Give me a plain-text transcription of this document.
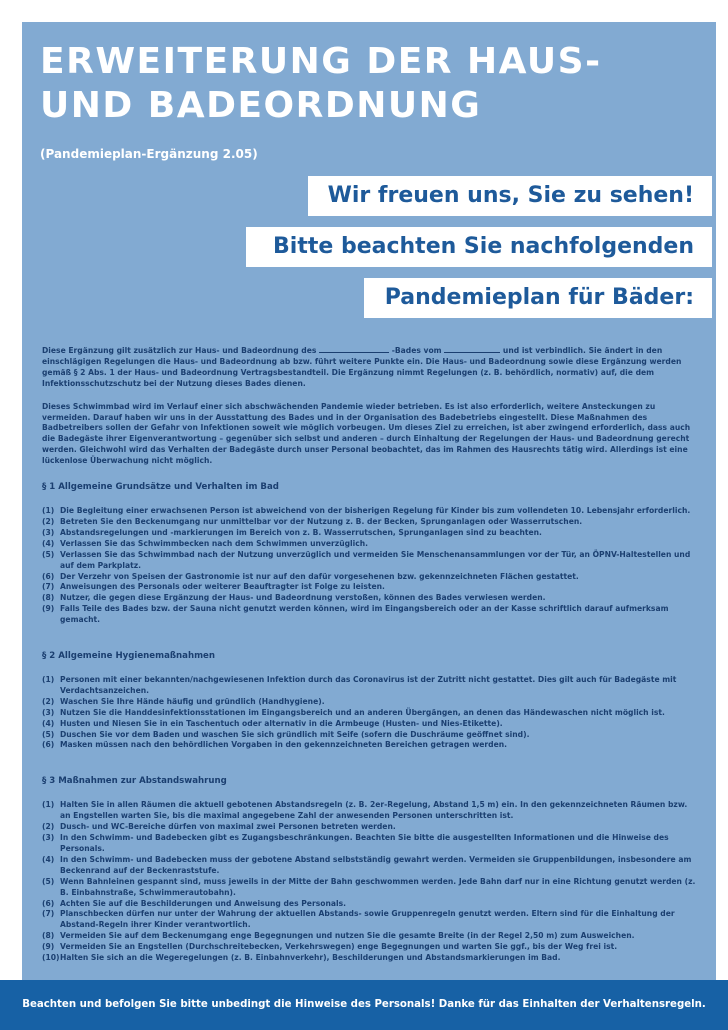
ERWEITERUNG DER HAUS- UND BADEORDNUNG
(Pandemieplan-Ergänzung 2.05)
Wir freuen uns, Sie zu sehen!
Bitte beachten Sie nachfolgenden
Pandemieplan für Bäder:

Diese Ergänzung gilt zusätzlich zur Haus- und Badeordnung des	-Bades vom	und ist verbindlich. Sie ändert in den einschlägigen Regelungen die Haus- und Badeordnung ab bzw. führt weitere Punkte ein. Die Haus- und Badeordnung sowie diese Ergänzung werden gemäß § 2 Abs. 1 der Haus- und Badeordnung Vertragsbestandteil. Die Ergänzung nimmt Regelungen (z. B. behördlich, normativ) auf, die dem Infektionsschutzschutz bei der Nutzung dieses Bades dienen.

Dieses Schwimmbad wird im Verlauf einer sich abschwächenden Pandemie wieder betrieben. Es ist also erforderlich, weitere Ansteckungen zu vermeiden. Darauf haben wir uns in der Ausstattung des Bades und in der Organisation des Badebetriebs eingestellt. Diese Maßnahmen des Badbetreibers sollen der Gefahr von Infektionen soweit wie möglich vorbeugen. Um dieses Ziel zu erreichen, ist aber zwingend erforderlich, dass auch die Badegäste ihrer Eigenverantwortung – gegenüber sich selbst und anderen – durch Einhaltung der Regelungen der Haus- und Badeordnung gerecht werden. Gleichwohl wird das Verhalten der Badegäste durch unser Personal beobachtet, das im Rahmen des Hausrechts tätig wird. Allerdings ist eine lückenlose Überwachung nicht möglich.

§ 1 Allgemeine Grundsätze und Verhalten im Bad
(1) Die Begleitung einer erwachsenen Person ist abweichend von der bisherigen Regelung für Kinder bis zum vollendeten 10. Lebensjahr erforderlich.
(2) Betreten Sie den Beckenumgang nur unmittelbar vor der Nutzung z. B. der Becken, Sprunganlagen oder Wasserrutschen.
(3) Abstandsregelungen und -markierungen im Bereich von z. B. Wasserrutschen, Sprunganlagen sind zu beachten.
(4) Verlassen Sie das Schwimmbecken nach dem Schwimmen unverzüglich.
(5) Verlassen Sie das Schwimmbad nach der Nutzung unverzüglich und vermeiden Sie Menschenansammlungen vor der Tür, an ÖPNV-Haltestellen und auf dem Parkplatz.
(6) Der Verzehr von Speisen der Gastronomie ist nur auf den dafür vorgesehenen bzw. gekennzeichneten Flächen gestattet.
(7) Anweisungen des Personals oder weiterer Beauftragter ist Folge zu leisten.
(8) Nutzer, die gegen diese Ergänzung der Haus- und Badeordnung verstoßen, können des Bades verwiesen werden.
(9) Falls Teile des Bades bzw. der Sauna nicht genutzt werden können, wird im Eingangsbereich oder an der Kasse schriftlich darauf aufmerksam gemacht.
§ 2 Allgemeine Hygienemaßnahmen
(1) Personen mit einer bekannten/nachgewiesenen Infektion durch das Coronavirus ist der Zutritt nicht gestattet. Dies gilt auch für Badegäste mit Verdachtsanzeichen.
(2) Waschen Sie Ihre Hände häufig und gründlich (Handhygiene).
(3) Nutzen Sie die Handdesinfektionsstationen im Eingangsbereich und an anderen Übergängen, an denen das Händewaschen nicht möglich ist.
(4) Husten und Niesen Sie in ein Taschentuch oder alternativ in die Armbeuge (Husten- und Nies-Etikette).
(5) Duschen Sie vor dem Baden und waschen Sie sich gründlich mit Seife (sofern die Duschräume geöffnet sind).
(6) Masken müssen nach den behördlichen Vorgaben in den gekennzeichneten Bereichen getragen werden.
§ 3 Maßnahmen zur Abstandswahrung
(1) Halten Sie in allen Räumen die aktuell gebotenen Abstandsregeln (z. B. 2er-Regelung, Abstand 1,5 m) ein. In den gekennzeichneten Räumen bzw. an Engstellen warten Sie, bis die maximal angegebene Zahl der anwesenden Personen unterschritten ist.
(2) Dusch- und WC-Bereiche dürfen von maximal zwei Personen betreten werden.
(3) In den Schwimm- und Badebecken gibt es Zugangsbeschränkungen. Beachten Sie bitte die ausgestellten Informationen und die Hinweise des Personals.
(4) In den Schwimm- und Badebecken muss der gebotene Abstand selbstständig gewahrt werden. Vermeiden sie Gruppenbildungen, insbesondere am Beckenrand auf der Beckenraststufe.
(5) Wenn Bahnleinen gespannt sind, muss jeweils in der Mitte der Bahn geschwommen werden. Jede Bahn darf nur in eine Richtung genutzt werden (z. B. Einbahnstraße, Schwimmerautobahn).
(6) Achten Sie auf die Beschilderungen und Anweisung des Personals.
(7) Planschbecken dürfen nur unter der Wahrung der aktuellen Abstands- sowie Gruppenregeln genutzt werden. Eltern sind für die Einhaltung der Abstand-Regeln ihrer Kinder verantwortlich.
(8) Vermeiden Sie auf dem Beckenumgang enge Begegnungen und nutzen Sie die gesamte Breite (in der Regel 2,50 m) zum Ausweichen.
(9) Vermeiden Sie an Engstellen (Durchschreitebecken, Verkehrswegen) enge Begegnungen und warten Sie ggf., bis der Weg frei ist.
(10) Halten Sie sich an die Wegeregelungen (z. B. Einbahnverkehr), Beschilderungen und Abstandsmarkierungen im Bad.
Beachten und befolgen Sie bitte unbedingt die Hinweise des Personals! Danke für das Einhalten der Verhaltensregeln.
